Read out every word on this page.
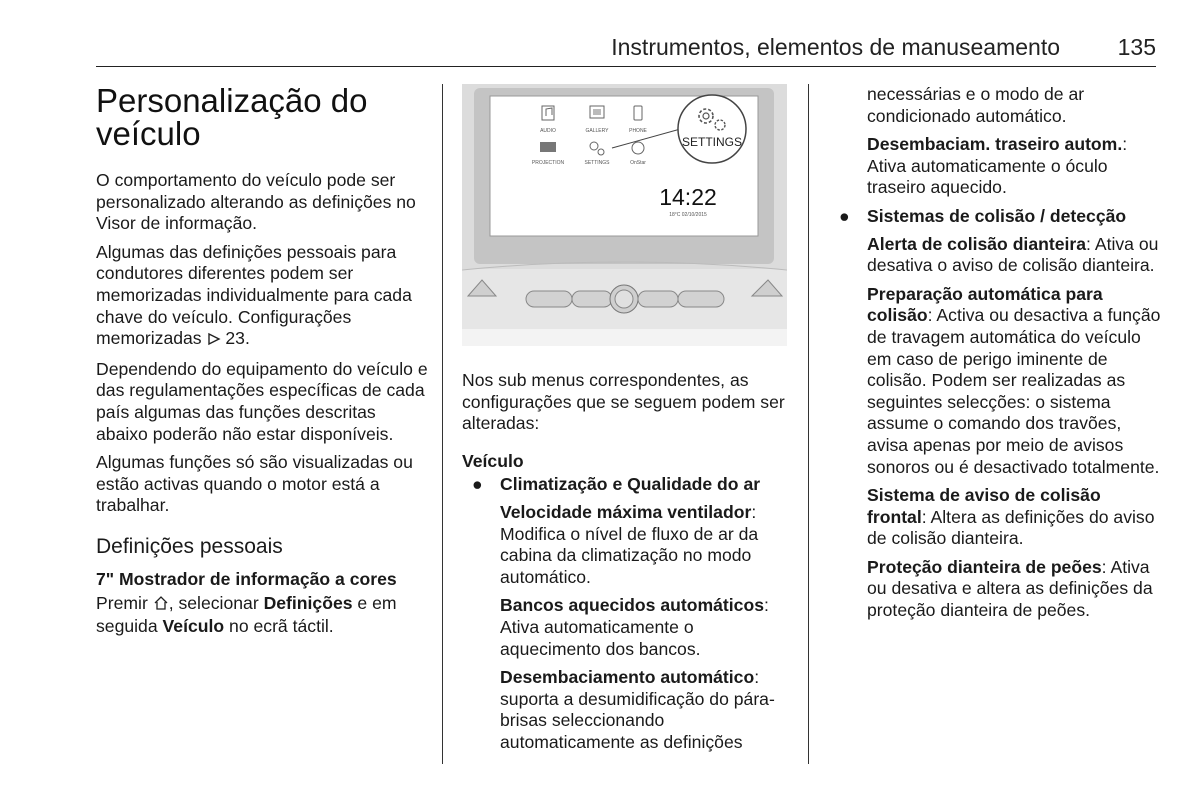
Instrumentos, elementos de manuseamento	135
Personalização do veículo

O comportamento do veículo pode ser personalizado alterando as definições no Visor de informação.

Algumas das definições pessoais para condutores diferentes podem ser memorizadas individualmente para cada chave do veículo. Configurações memorizadas  23.

Dependendo do equipamento do veículo e das regulamentações específicas de cada país algumas das funções descritas abaixo poderão não estar disponíveis.

Algumas funções só são visualizadas ou estão activas quando o motor está a trabalhar.

Definições pessoais
7" Mostrador de informação a cores

Premir , selecionar Definições e em seguida Veículo no ecrã táctil.

AUDIO	GALLERY	PHONE
PROJECTION	SETTINGS	OnStar
SETTINGS
14:22
18°C 02/10/2015

Nos sub menus correspondentes, as configurações que se seguem podem ser alteradas:

Veículo
● Climatização e Qualidade do ar

Velocidade máxima ventilador: Modifica o nível de fluxo de ar da cabina da climatização no modo automático.

Bancos aquecidos automáticos: Ativa automaticamente o aquecimento dos bancos.

Desembaciamento automático: suporta a desumidificação do pára-brisas seleccionando automaticamente as definições

necessárias e o modo de ar condicionado automático.

Desembaciam. traseiro autom.: Ativa automaticamente o óculo traseiro aquecido.

● Sistemas de colisão / detecção

Alerta de colisão dianteira: Ativa ou desativa o aviso de colisão dianteira.

Preparação automática para colisão: Activa ou desactiva a função de travagem automática do veículo em caso de perigo iminente de colisão. Podem ser realizadas as seguintes selecções: o sistema assume o comando dos travões, avisa apenas por meio de avisos sonoros ou é desactivado totalmente.

Sistema de aviso de colisão frontal: Altera as definições do aviso de colisão dianteira.

Proteção dianteira de peões: Ativa ou desativa e altera as definições da proteção dianteira de peões.
